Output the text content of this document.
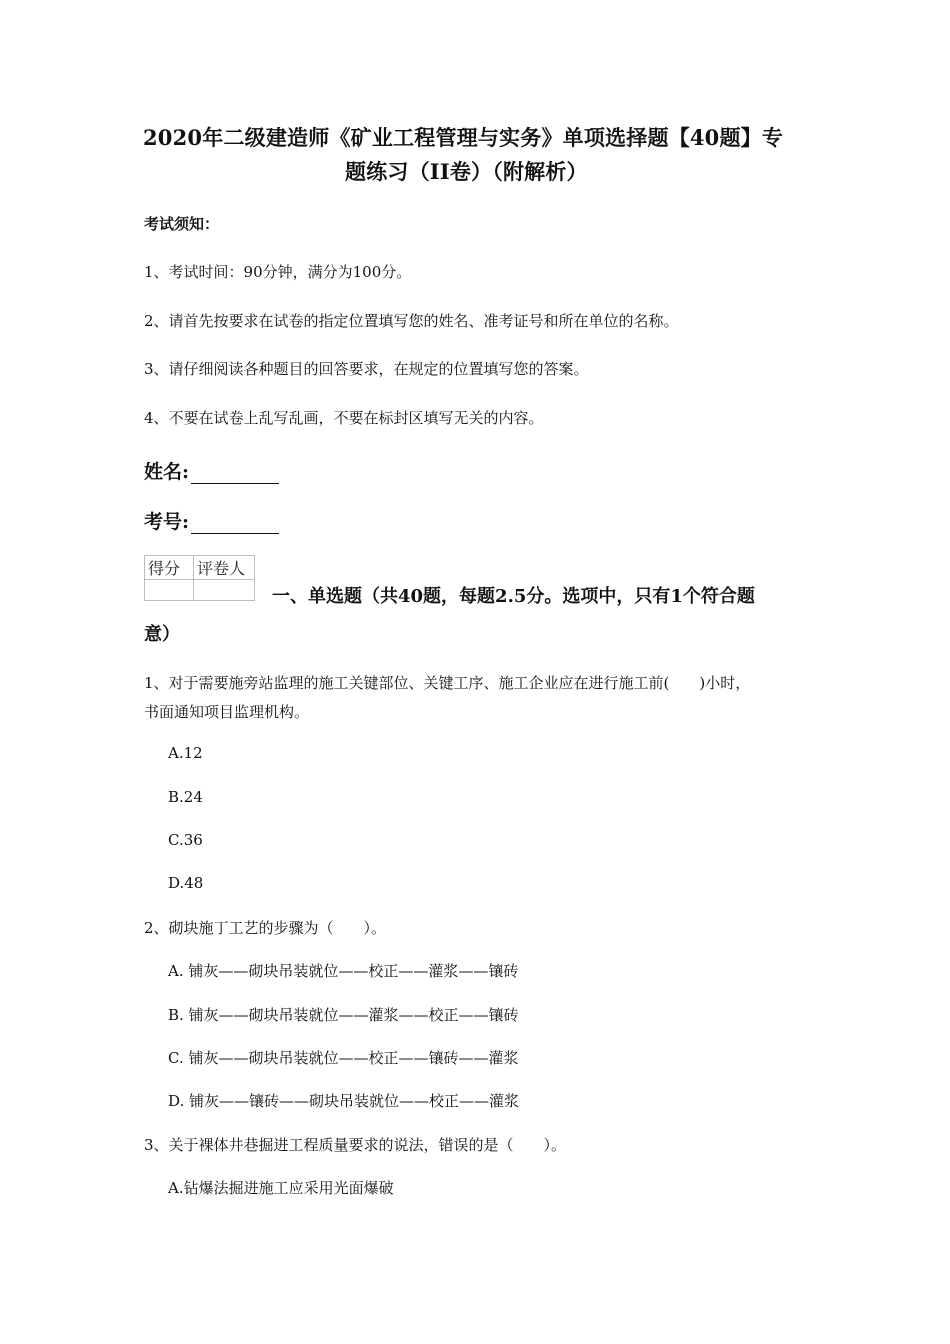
2020年二级建造师《矿业工程管理与实务》单项选择题【40题】专
题练习（II卷）（附解析）
考试须知：
1、考试时间：90分钟，满分为100分。
2、请首先按要求在试卷的指定位置填写您的姓名、准考证号和所在单位的名称。
3、请仔细阅读各种题目的回答要求，在规定的位置填写您的答案。
4、不要在试卷上乱写乱画，不要在标封区填写无关的内容。
姓名:
考号:
得分	评卷人

一、单选题（共40题，每题2.5分。选项中，只有1个符合题
意）
1、对于需要施旁站监理的施工关键部位、关键工序、施工企业应在进行施工前(　　)小时，
书面通知项目监理机构。
A.12
B.24
C.36
D.48
2、砌块施丁工艺的步骤为（　　）。
A. 铺灰——砌块吊装就位——校正——灌浆——镶砖
B. 铺灰——砌块吊装就位——灌浆——校正——镶砖
C. 铺灰——砌块吊装就位——校正——镶砖——灌浆
D. 铺灰——镶砖——砌块吊装就位——校正——灌浆
3、关于裸体井巷掘进工程质量要求的说法，错误的是（　　）。
A.钻爆法掘进施工应采用光面爆破
